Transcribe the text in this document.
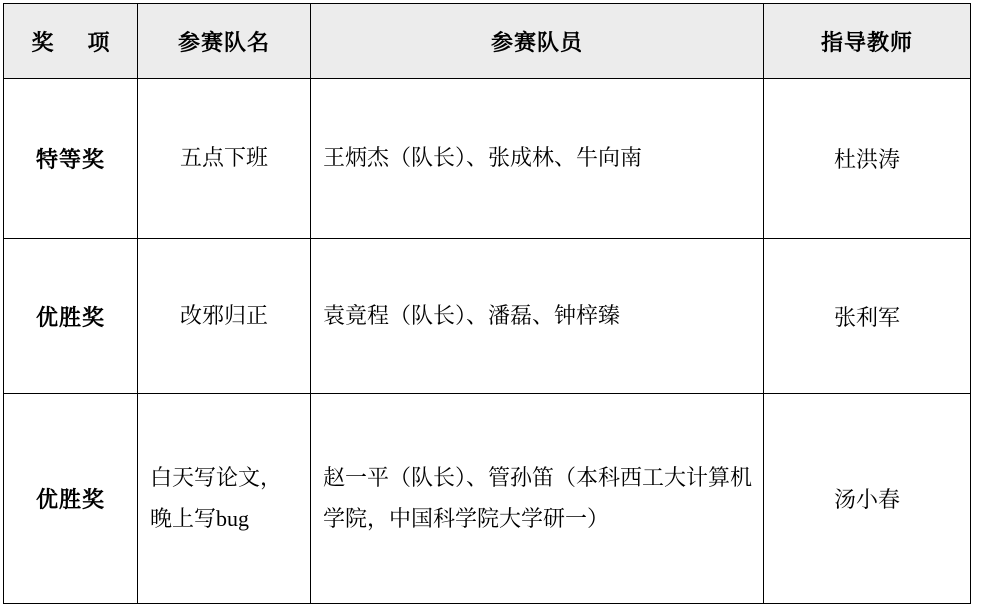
奖　项	参赛队名	参赛队员	指导教师
特等奖	五点下班	王炳杰（队长）、张成林、牛向南	杜洪涛
优胜奖	改邪归正	袁竟程（队长）、潘磊、钟梓臻	张利军
优胜奖	白天写论文，晚上写bug	赵一平（队长）、管孙笛（本科西工大计算机学院，中国科学院大学研一）	汤小春
